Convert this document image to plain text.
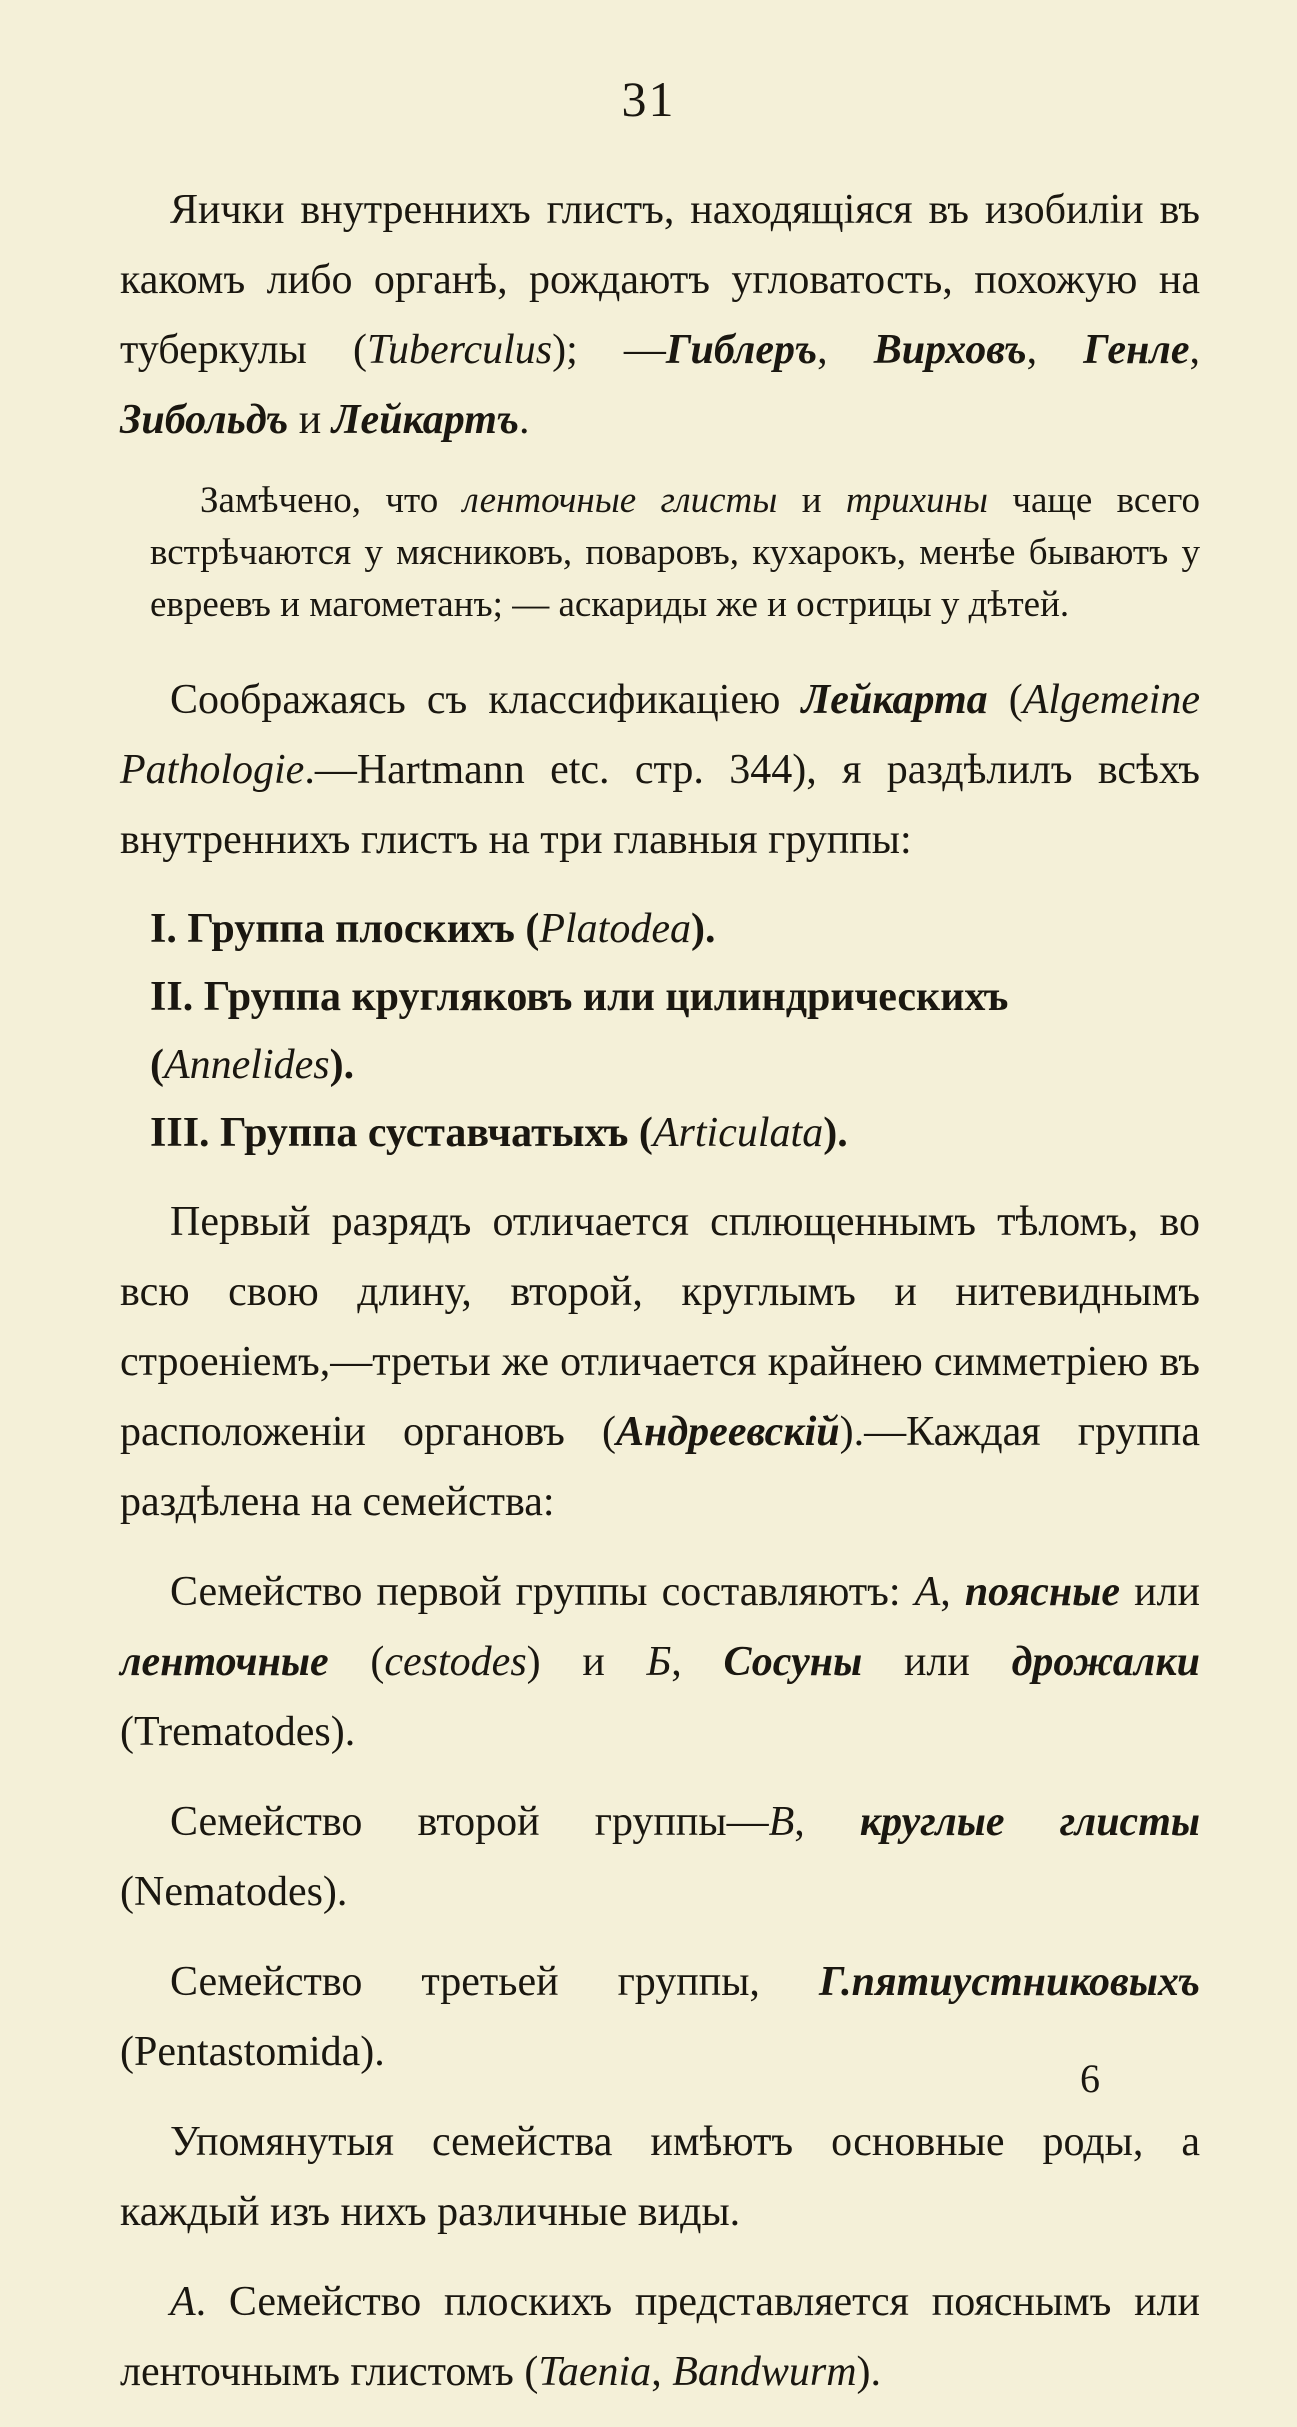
31

Яички внутреннихъ глистъ, находящіяся въ изобиліи въ какомъ либо органѣ, рождаютъ угловатость, похожую на туберкулы (Tuberculus); —Гиблеръ, Вирховъ, Генле, Зибольдъ и Лейкартъ.

Замѣчено, что ленточные глисты и трихины чаще всего встрѣчаются у мясниковъ, поваровъ, кухарокъ, менѣе бываютъ у евреевъ и магометанъ; — аскариды же и острицы у дѣтей.

Соображаясь съ классификаціею Лейкарта (Algemeine Pathologie.—Hartmann etc. стр. 344), я раздѣлилъ всѣхъ внутреннихъ глистъ на три главныя группы:

I. Группа плоскихъ (Platodea).
II. Группа кругляковъ или цилиндрическихъ (Annelides).
III. Группа суставчатыхъ (Articulata).

Первый разрядъ отличается сплющеннымъ тѣломъ, во всю свою длину, второй, круглымъ и нитевиднымъ строеніемъ,—третьи же отличается крайнею симметріею въ расположеніи органовъ (Андреевскій).—Каждая группа раздѣлена на семейства:

Семейство первой группы составляютъ: А, поясные или ленточные (cestodes) и Б, Сосуны или дрожалки (Trematodes).

Семейство второй группы—В, круглые глисты (Nematodes).

Семейство третьей группы, Г.пятиустниковыхъ (Pentastomida).

Упомянутыя семейства имѣютъ основные роды, а каждый изъ нихъ различные виды.

А. Семейство плоскихъ представляется пояснымъ или ленточнымъ глистомъ (Taenia, Bandwurm).

6
